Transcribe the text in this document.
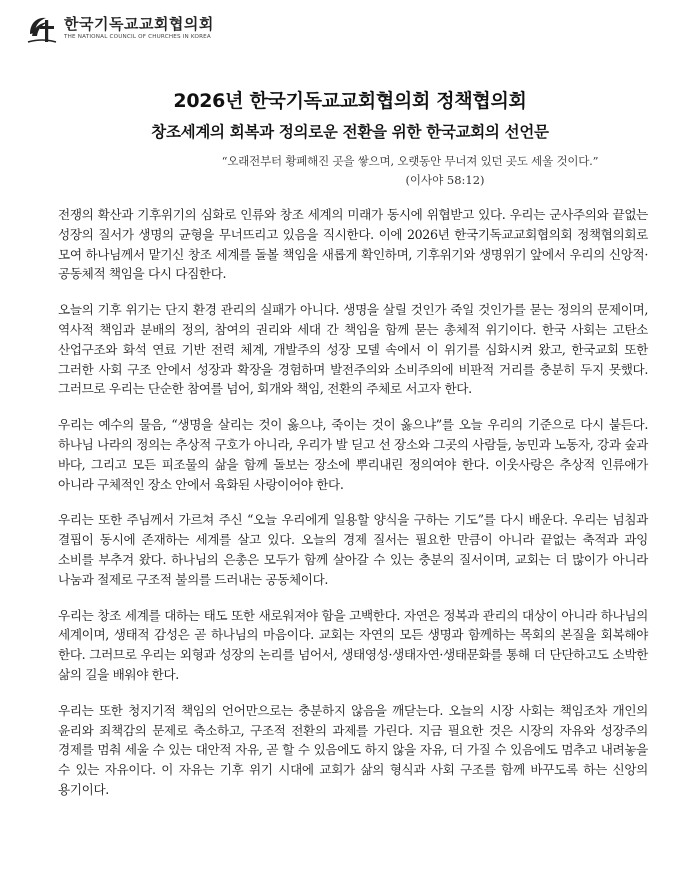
한국기독교교회협의회
THE NATIONAL COUNCIL OF CHURCHES IN KOREA
2026년 한국기독교교회협의회 정책협의회
창조세계의 회복과 정의로운 전환을 위한 한국교회의 선언문
“오래전부터 황폐해진 곳을 쌓으며, 오랫동안 무너져 있던 곳도 세울 것이다.”
(이사야 58:12)

전쟁의 확산과 기후위기의 심화로 인류와 창조 세계의 미래가 동시에 위협받고 있다. 우리는 군사주의와 끝없는 성장의 질서가 생명의 균형을 무너뜨리고 있음을 직시한다. 이에 2026년 한국기독교교회협의회 정책협의회로 모여 하나님께서 맡기신 창조 세계를 돌볼 책임을 새롭게 확인하며, 기후위기와 생명위기 앞에서 우리의 신앙적·공동체적 책임을 다시 다짐한다.

오늘의 기후 위기는 단지 환경 관리의 실패가 아니다. 생명을 살릴 것인가 죽일 것인가를 묻는 정의의 문제이며, 역사적 책임과 분배의 정의, 참여의 권리와 세대 간 책임을 함께 묻는 총체적 위기이다. 한국 사회는 고탄소 산업구조와 화석 연료 기반 전력 체계, 개발주의 성장 모델 속에서 이 위기를 심화시켜 왔고, 한국교회 또한 그러한 사회 구조 안에서 성장과 확장을 경험하며 발전주의와 소비주의에 비판적 거리를 충분히 두지 못했다. 그러므로 우리는 단순한 참여를 넘어, 회개와 책임, 전환의 주체로 서고자 한다.

우리는 예수의 물음, “생명을 살리는 것이 옳으냐, 죽이는 것이 옳으냐”를 오늘 우리의 기준으로 다시 붙든다. 하나님 나라의 정의는 추상적 구호가 아니라, 우리가 발 딛고 선 장소와 그곳의 사람들, 농민과 노동자, 강과 숲과 바다, 그리고 모든 피조물의 삶을 함께 돌보는 장소에 뿌리내린 정의여야 한다. 이웃사랑은 추상적 인류애가 아니라 구체적인 장소 안에서 육화된 사랑이어야 한다.

우리는 또한 주님께서 가르쳐 주신 “오늘 우리에게 일용할 양식을 구하는 기도”를 다시 배운다. 우리는 넘침과 결핍이 동시에 존재하는 세계를 살고 있다. 오늘의 경제 질서는 필요한 만큼이 아니라 끝없는 축적과 과잉 소비를 부추겨 왔다. 하나님의 은총은 모두가 함께 살아갈 수 있는 충분의 질서이며, 교회는 더 많이가 아니라 나눔과 절제로 구조적 불의를 드러내는 공동체이다.

우리는 창조 세계를 대하는 태도 또한 새로워져야 함을 고백한다. 자연은 정복과 관리의 대상이 아니라 하나님의 세계이며, 생태적 감성은 곧 하나님의 마음이다. 교회는 자연의 모든 생명과 함께하는 목회의 본질을 회복해야 한다. 그러므로 우리는 외형과 성장의 논리를 넘어서, 생태영성·생태자연·생태문화를 통해 더 단단하고도 소박한 삶의 길을 배워야 한다.

우리는 또한 청지기적 책임의 언어만으로는 충분하지 않음을 깨닫는다. 오늘의 시장 사회는 책임조차 개인의 윤리와 죄책감의 문제로 축소하고, 구조적 전환의 과제를 가린다. 지금 필요한 것은 시장의 자유와 성장주의 경제를 멈춰 세울 수 있는 대안적 자유, 곧 할 수 있음에도 하지 않을 자유, 더 가질 수 있음에도 멈추고 내려놓을 수 있는 자유이다. 이 자유는 기후 위기 시대에 교회가 삶의 형식과 사회 구조를 함께 바꾸도록 하는 신앙의 용기이다.
